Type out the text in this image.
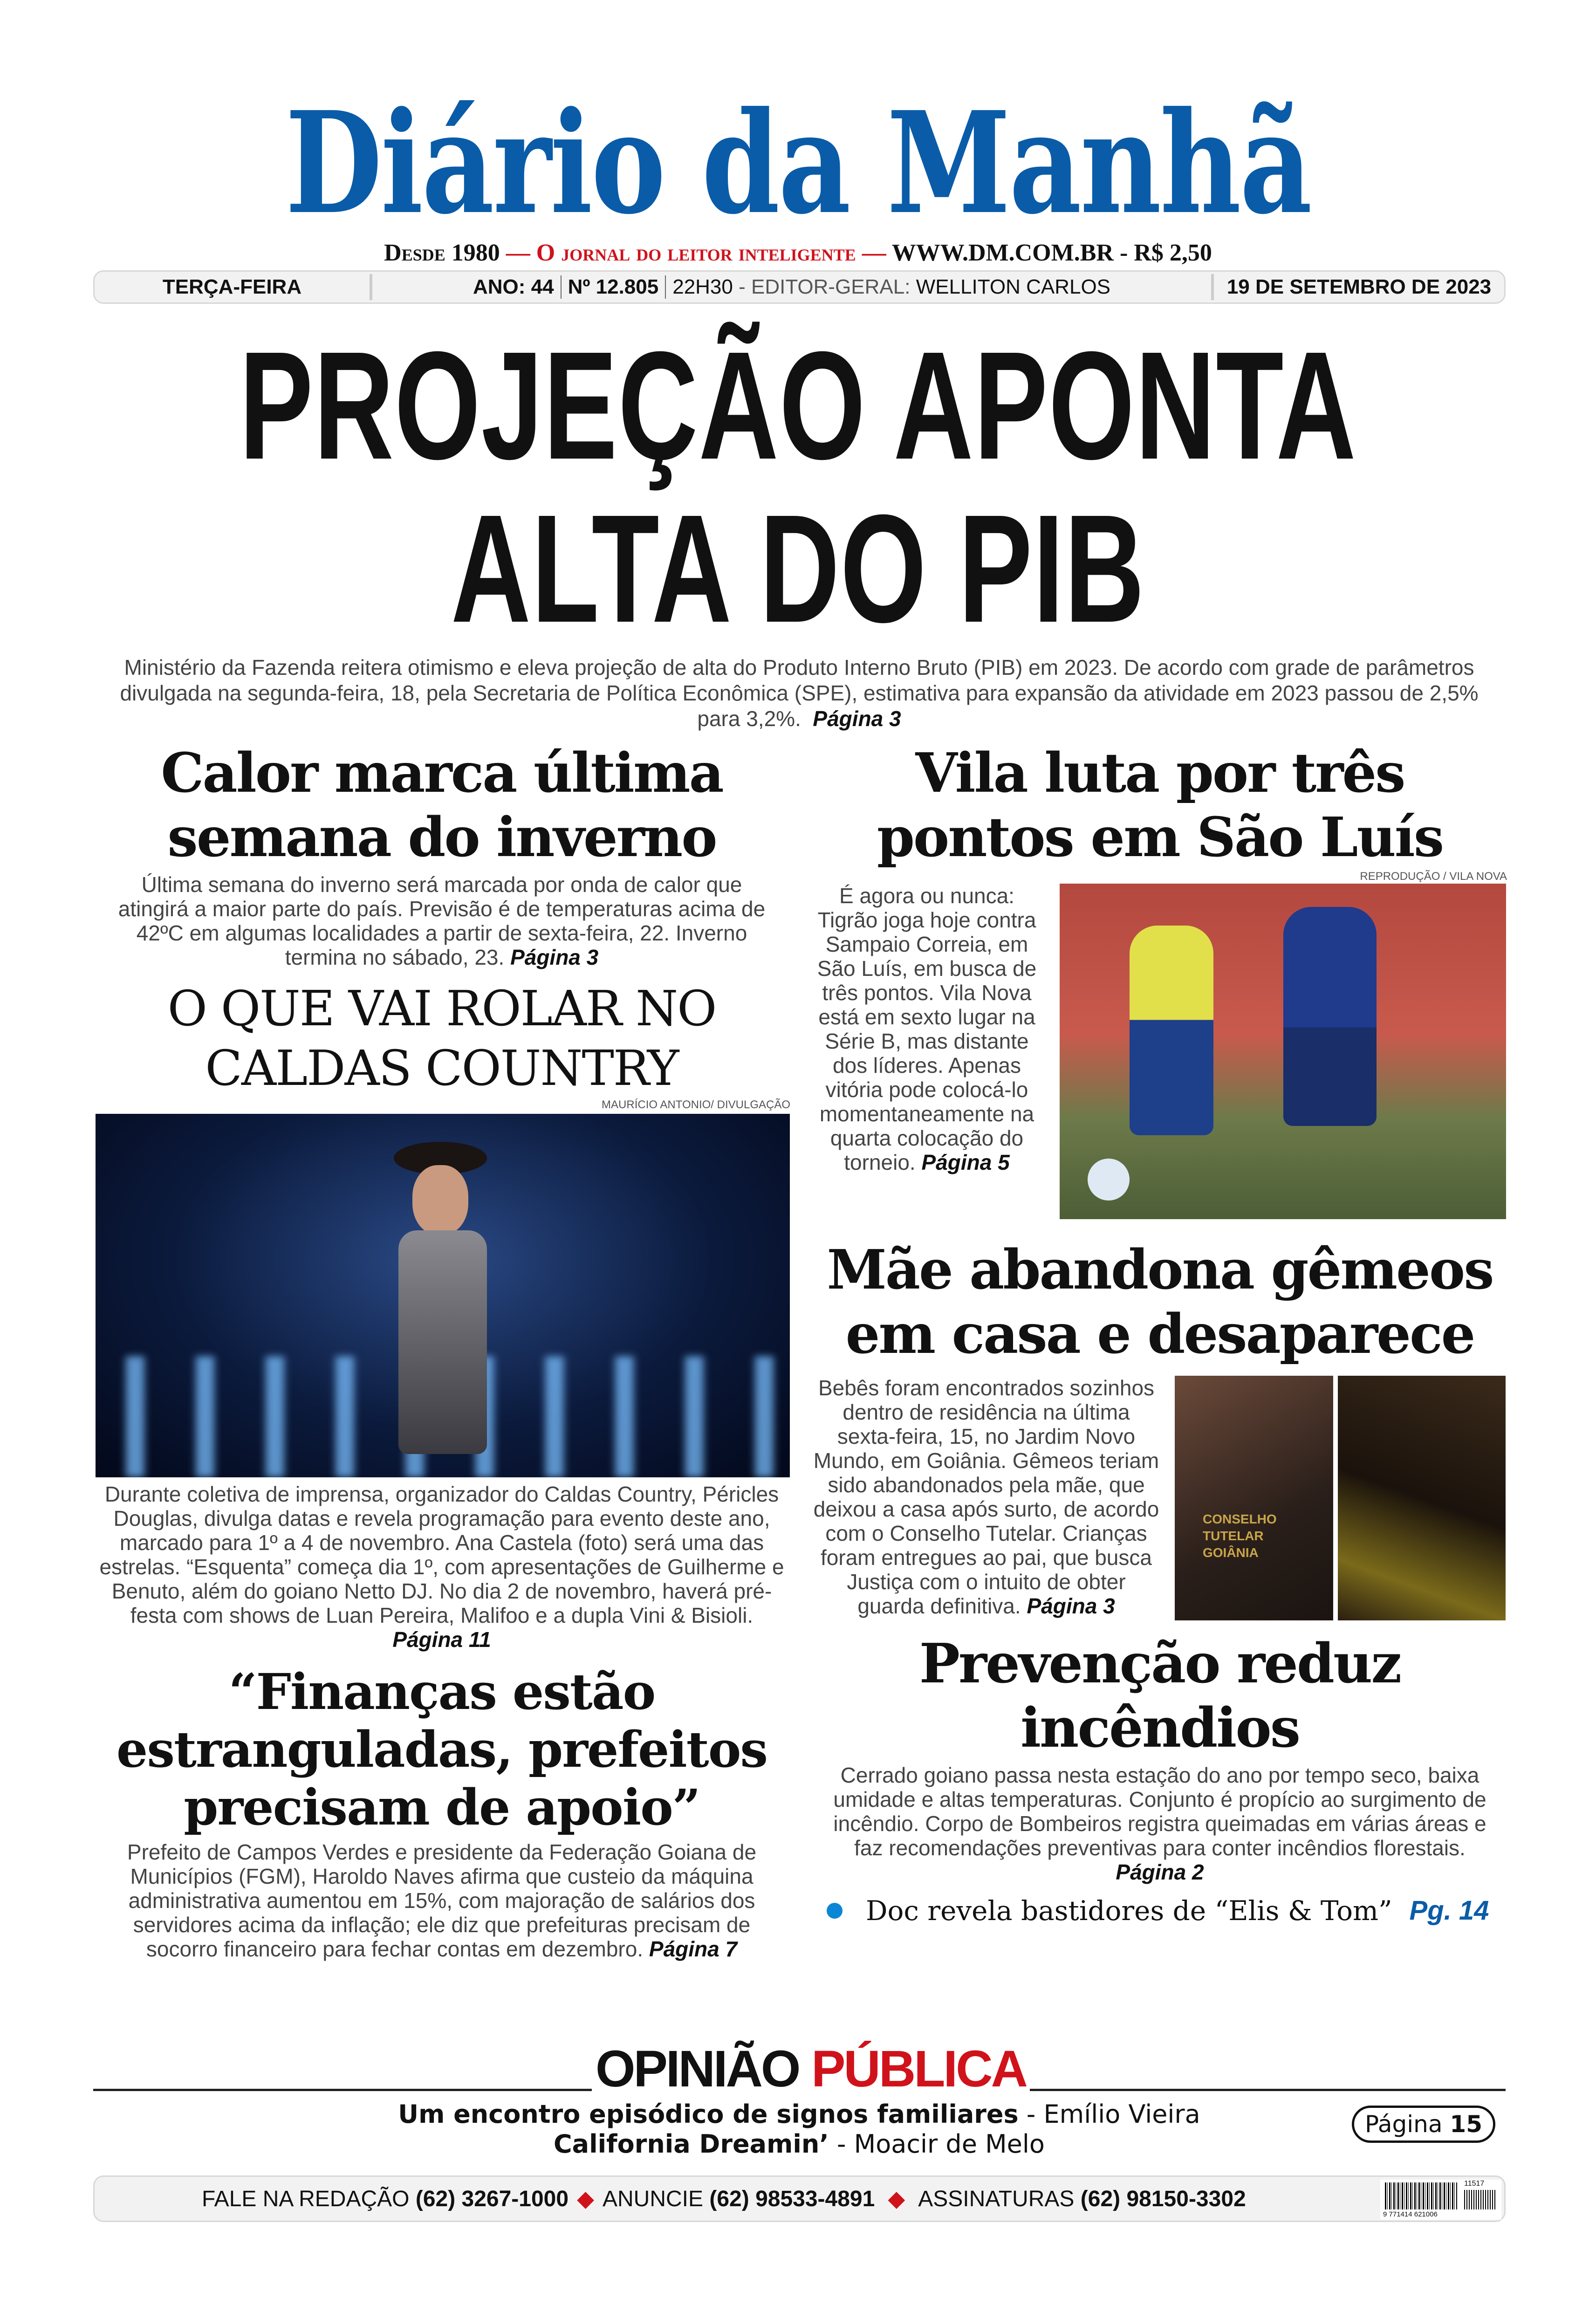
Diário da Manhã
Desde 1980 — O jornal do leitor inteligente — WWW.DM.COM.BR - R$ 2,50
TERÇA-FEIRA	ANO: 44 Nº 12.805 22H30
- EDITOR-GERAL:
WELLITON CARLOS	19 DE SETEMBRO DE 2023
PROJEÇÃO APONTA
ALTA DO PIB
Ministério da Fazenda reitera otimismo e eleva projeção de alta do Produto Interno Bruto (PIB) em 2023. De acordo com grade de parâmetros divulgada na segunda-feira, 18, pela Secretaria de Política Econômica (SPE), estimativa para expansão da atividade em 2023 passou de 2,5% para 3,2%. Página 3
Calor marca última semana do inverno
Última semana do inverno será marcada por onda de calor que atingirá a maior parte do país. Previsão é de temperaturas acima de 42ºC em algumas localidades a partir de sexta-feira, 22. Inverno termina no sábado, 23. Página 3
O QUE VAI ROLAR NO CALDAS COUNTRY
MAURÍCIO ANTONIO/ DIVULGAÇÃO
Durante coletiva de imprensa, organizador do Caldas Country, Péricles Douglas, divulga datas e revela programação para evento deste ano, marcado para 1º a 4 de novembro. Ana Castela (foto) será uma das estrelas. “Esquenta” começa dia 1º, com apresentações de Guilherme e Benuto, além do goiano Netto DJ. No dia 2 de novembro, haverá pré-festa com shows de Luan Pereira, Malifoo e a dupla Vini & Bisioli. Página 11
“Finanças estão estranguladas, prefeitos precisam de apoio”
Prefeito de Campos Verdes e presidente da Federação Goiana de Municípios (FGM), Haroldo Naves afirma que custeio da máquina administrativa aumentou em 15%, com majoração de salários dos servidores acima da inflação; ele diz que prefeituras precisam de socorro financeiro para fechar contas em dezembro. Página 7
Vila luta por três pontos em São Luís
REPRODUÇÃO / VILA NOVA
É agora ou nunca: Tigrão joga hoje contra Sampaio Correia, em São Luís, em busca de três pontos. Vila Nova está em sexto lugar na Série B, mas distante dos líderes. Apenas vitória pode colocá-lo momentaneamente na quarta colocação do torneio. Página 5
Mãe abandona gêmeos em casa e desaparece
Bebês foram encontrados sozinhos dentro de residência na última sexta-feira, 15, no Jardim Novo Mundo, em Goiânia. Gêmeos teriam sido abandonados pela mãe, que deixou a casa após surto, de acordo com o Conselho Tutelar. Crianças foram entregues ao pai, que busca Justiça com o intuito de obter guarda definitiva. Página 3
CONSELHO TUTELAR GOIÂNIA
Prevenção reduz incêndios
Cerrado goiano passa nesta estação do ano por tempo seco, baixa umidade e altas temperaturas. Conjunto é propício ao surgimento de incêndio. Corpo de Bombeiros registra queimadas em várias áreas e faz recomendações preventivas para conter incêndios florestais.
Página 2
Doc revela bastidores de “Elis & Tom”
Pg. 14
OPINIÃO PÚBLICA
Um encontro episódico de signos familiares - Emílio Vieira
California Dreamin’ - Moacir de Melo
Página
15
FALE NA REDAÇÃO
(62) 3267-1000 ◆ ANUNCIE
(62) 98533-4891 ◆ ASSINATURAS
(62) 98150-3302
11517
9 771414 621006
